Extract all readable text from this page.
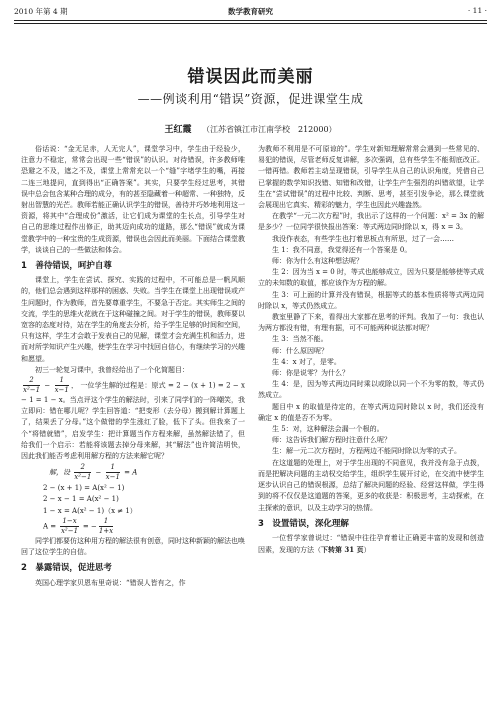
2010 年第 4 期	数学教育研究	· 11 ·
错误因此而美丽
——例谈利用“错误”资源，促进课堂生成
王红霞 （江苏省镇江市江南学校　212000）

俗话说：“金无足赤，人无完人”，课堂学习中，学生由于经验少，注意力不稳定，常常会出现一些“错误”的认识。对待错误，许多教师唯恐避之不及，遮之不及，课堂上常常充以一个“缝”字堵学生的嘴，再接二连三地提问，直到得出“正确答案”。其实，只要学生经过思考，其错误中总会包含某种合理的成分，有的甚至隐藏着一种超常、一种独特，反射出智慧的光芒。教师若能正确认识学生的错误，善待并巧妙地利用这一资源，将其中“合理成份”激活，让它们成为课堂的生长点，引导学生对自己的思维过程作出修正，助其迈向成功的道路，那么“错误”就成为课堂教学中的一种宝贵的生成资源，错误也会因此而美丽。下面结合课堂教学，谈谈自己的一些做法和体会。

1　善待错误，呵护自尊

课堂上，学生在尝试、探究、实践的过程中，不可能总是一帆风顺的，他们总会遇到这样那样的困惑、失败。当学生在课堂上出现错误或产生问题时，作为教师，首先要尊重学生，不要急于否定。其实师生之间的交流，学生的思维火花就在于这种碰撞之间。对于学生的错误，教师要以宽容的态度对待，站在学生的角度去分析，给予学生足够的时间和空间，只有这样，学生才会敢于发表自己的见解，课堂才会充满生机和活力，进而对所学知识产生兴趣，使学生在学习中找回自信心，有继续学习的兴趣和愿望。

初三一轮复习课中，我曾经给出了一个化简题目：

$\frac{2}{\text{x²−1}} - \frac{1}{x-1}$ ， 一位学生解的过程是：原式 = 2 − (x + 1) = 2 − x − 1 = 1 − x。当点评这个学生的解法时，引来了同学们的一阵嘲笑，我立即问：错在哪儿呢？学生回答道：“把变形（去分母）搬到解计算题上了，结果丢了分母。”这个做错的学生涨红了脸，低下了头。但我来了一个“将错就错”，启发学生：把计算题当作方程来解，虽然解法错了，但给我们一个启示：若能将该题去掉分母来解，其“解法”也许简洁明快，因此我们能否考虑利用解方程的方法来解它呢？

解，设 $\frac{2}{\text{x²−1}} - \frac{1}{x-1} = A$
2 − (x + 1) = A(x² − 1)
2 − x − 1 = A(x² − 1)
1 − x = A(x² − 1)（x ≠ 1）
$A = \frac{1-x}{\text{x²−1}}$ = − $\frac{1}{1+x}$

同学们都要仿这种用方程的解法很有创意，同时这种新颖的解法也唤回了这位学生的自信。

2　暴露错误，促进思考

英国心理学家贝恩布里奇说：“错误人皆有之，作

为教师不利用是不可原谅的”。学生对新知理解常常会遇到一些常见的、易犯的错误，尽管老师反复讲解，多次强调，总有些学生不能彻底改正。一错再错。教师若主动呈现错误，引导学生从自己的认识角度，凭借自己已掌握的数学知识找错、知错和改错，让学生产生强烈的纠错欲望，让学生在“尝试错误”的过程中比较、判断、思考，甚至引发争论，那么课堂就会展现出它真实、精彩的魅力，学生也因此兴趣盎然。

在教学“一元二次方程”时，我出示了这样的一个问题：x² = 3x 的解是多少？一位同学很快报出答案：等式两边同时除以 x，得 x = 3。

我没作表态，有些学生也打着思板点有所思，过了一会……

生 1：我不同意，我觉得还有一个答案是 0。

师：你为什么有这种想法呢？

生 2：因为当 x = 0 时，等式也能够成立，因为只要是能够使等式成立的未知数的取值，都应该作为方程的解。

生 3：可上面的计算并没有错误，根据等式的基本性质将等式两边同时除以 x，等式仍然成立。

教室里静了下来，看得出大家都在思考的评判。我加了一句：我也认为两方都没有错，有理有据，可不可能两种说法都对呢？

生 3：当然不能。

师：什么原因呢？

生 4：x 对了，是零。

师：你是说零？为什么？

生 4：是，因为等式两边同时乘以或除以同一个不为零的数，等式仍然成立。

题目中 x 的取值是待定的，在等式两边同时除以 x 时，我们还没有确定 x 的值是否不为零。

生 5：对，这种解法会漏一个根的。

师：这告诉我们解方程时注意什么呢？

生：解一元二次方程时，方程两边不能同时除以为零的式子。

在这道题的处理上，对于学生出现的不同意见，我并没有急于点拨，而是把解决问题的主动权交给学生，组织学生展开讨论，在交流中使学生逐步认识自己的错误根源，总结了解决问题的经验、经营这样做，学生得到的将不仅仅是这道题的答案，更多的收获是：积极思考，主动探索，在主探索的意识，以及主动学习的热情。

3　设置错误，深化理解

一位哲学家曾说过：“错误中往往孕育着让正确更丰富的发现和创造因素，发现的方法（下转第 31 页）
